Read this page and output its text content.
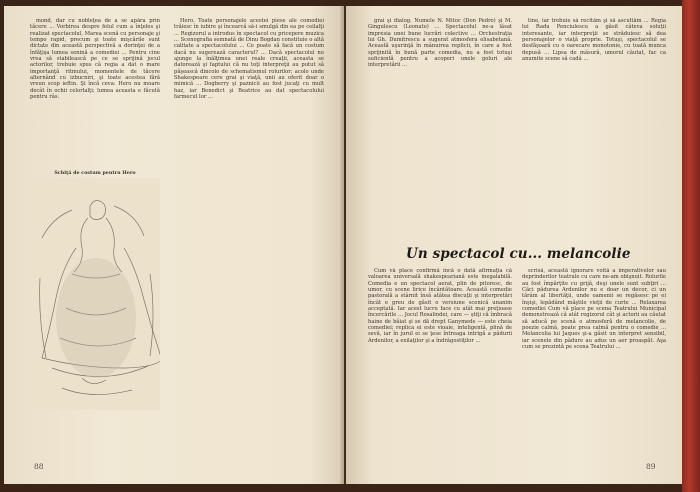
mond, dar cu nobleţea de a se apăra prin tăcere ... Vorbirea despre felul cum a înţeles şi realizat spectacolul, Marea scenă cu personaje şi tempo rapid, precum şi toate mişcările sunt dictate din această perspectivă a dorinţei de a înfăţişa lumea senină a comediei ... Pentru cine vrea să stabilească pe ce se sprijină jocul actorilor, trebuie spus că regia a dat o mare importanţă ritmului, momentele de tăcere alternând cu izbucniri, şi toate acestea fără vreun scop ieftin. Şi încă ceva: Hero nu moare decât în ochii celorlalţi; lumea aceasta e făcută pentru râs.

Schiţă de costum pentru Hero

Hero. Toate personajele acestei piese ale comediei trăiesc în iubire şi încearcă să-i smulgă din ea pe ceilalţi ... Regizorul a introdus în spectacol cu pricepere muzica ... Scenografia semnată de Dinu Bogdan constituie o altă calitate a spectacolului ... Ce poate să facă un costum dacă nu sugerează caracterul? ... Dacă spectacolul nu ajunge la înălţimea unei reale creaţii, aceasta se datorează şi faptului că nu toţi interpreţii au putut să păşească dincolo de schematismul rolurilor; acolo unde Shakespeare cere grai şi viaţă, unii au oferit doar o mimică ... Dogberry şi paznicii au fost jucaţi cu mult haz, iar Benedict şi Beatrice au dat spectacolului farmecul lor ...

88

grai şi dialog. Numele N. Mitoc (Don Pedro) şi M. Gingulescu (Leonato) ... Spectacolul ne-a lăsat impresia unei bune lucrări colective ... Orchestraţia lui Gh. Dumitrescu a sugerat atmosfera elisabetană. Această uşurinţă în mânuirea replicii, în care a fost sprijinită în bună parte comedia, nu a fost totuşi suficientă pentru a acoperi unele goluri ale interpretării ...

tine, iar trebuie să recităm şi să ascultăm ... Regia lui Radu Penciulescu a găsit câteva soluţii interesante, iar interpreţii se străduiesc să dea personajelor o viaţă proprie. Totuşi, spectacolul se desfăşoară cu o oarecare monotonie, cu toată munca depusă ... Lipsa de măsură, umorul căutat, fac ca anumite scene să cadă ...

Un spectacol cu... melancolie

Cum vă place confirmă încă o dată afirmaţia că valoarea universală shakespeariană este inegalabilă. Comedia e un spectacol aerat, plin de pitoresc, de umor, cu scene lirice încântătoare. Această comedie pastorală a stârnit însă atâtea discuţii şi interpretări încât e greu de găsit o versiune scenică unanim acceptată. Iar acest lucru face cu atât mai preţioase încercările ... Jocul Rosalindei, care — ştiţi că îmbracă haine de băiat şi se dă drept Ganymede — este cheia comediei; replica ei este vioaie, inteligentă, plină de sevă, iar în jurul ei se ţese întreaga intrigă a pădurii Ardenilor, a exilaţilor şi a îndrăgostiţilor ...

scrisă, această ignorare voită a imperativelor sau deprinderilor teatrale cu care ne-am obişnuit. Rolurile au fost împărţite cu grijă, deşi unele sunt subţiri ... Căci pădurea Ardenilor nu e doar un decor, ci un tărâm al libertăţii, unde oamenii se regăsesc pe ei înşişi, lepădând măştile vieţii de curte ... Relaxarea comediei Cum vă place pe scena Teatrului Municipal demonstrează că atât regizorul cât şi actorii au căutat să aducă pe scenă o atmosferă de melancolie, de poezie calmă, poate prea calmă pentru o comedie ... Melancolia lui Jaques şi-a găsit un interpret sensibil, iar scenele din pădure au adus un aer proaspăt. Aşa cum se prezintă pe scena Teatrului ...

89
